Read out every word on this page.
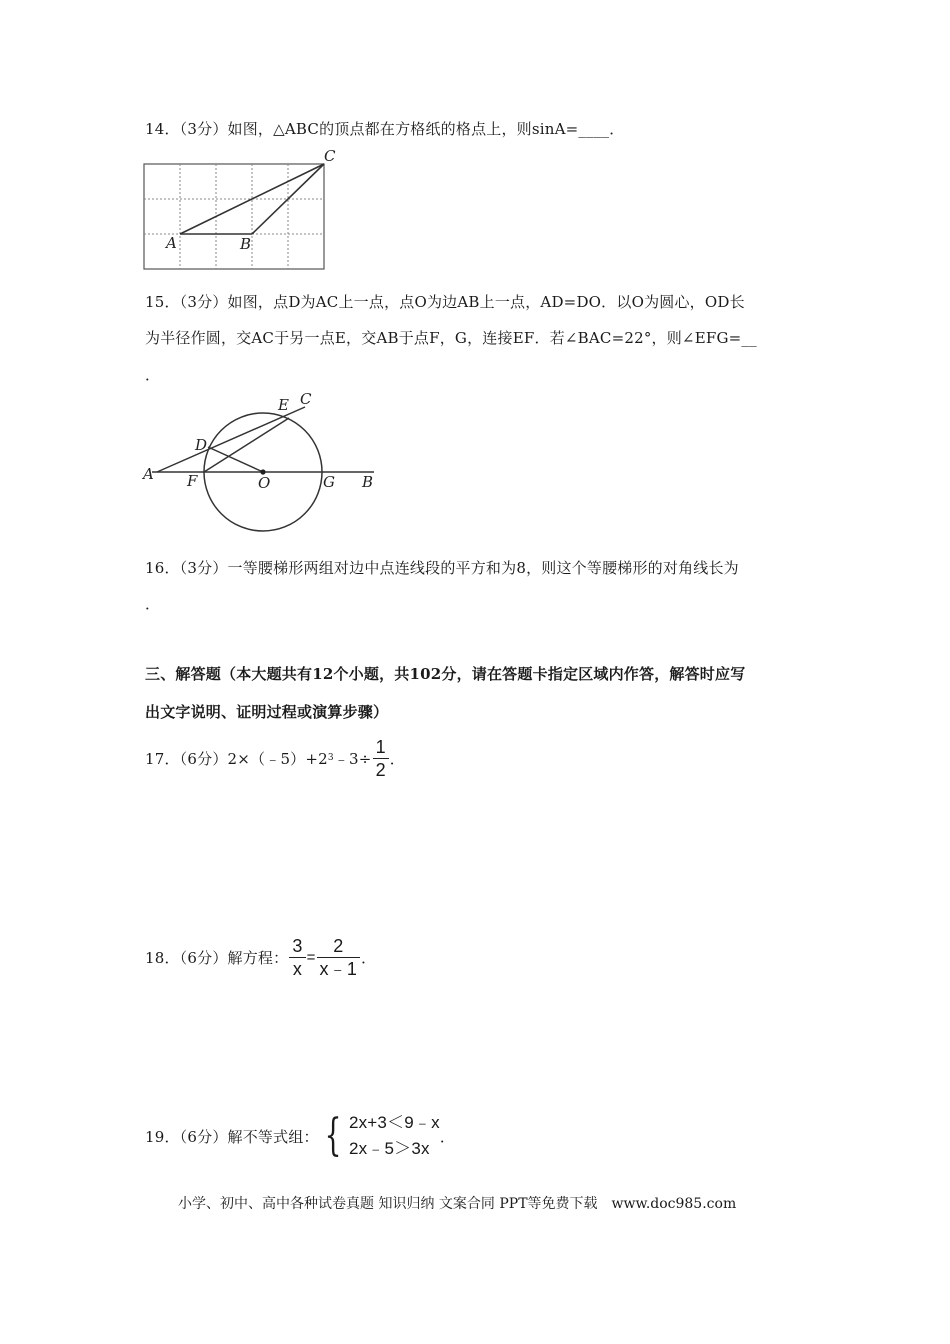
14．（3分）如图，△ABC的顶点都在方格纸的格点上，则sinA=____．
A	B
C
15．（3分）如图，点D为AC上一点，点O为边AB上一点，AD=DO．以O为圆心，OD长
为半径作圆，交AC于另一点E，交AB于点F，G，连接EF．若∠BAC=22°，则∠EFG=__
．
A F	O	G B
D
E C
16．（3分）一等腰梯形两组对边中点连线段的平方和为8，则这个等腰梯形的对角线长为
．
三、解答题（本大题共有12个小题，共102分，请在答题卡指定区域内作答，解答时应写
出文字说明、证明过程或演算步骤）
17．（6分）2×（﹣5）+2 3 ﹣3÷ $\frac{1}{2}$ ．
18．（6分）解方程： $\frac{3}{x} = \frac{2}{x﹣1}$ ．
19．（6分）解不等式组： { 2x+3＜9﹣x
2x﹣5＞3x
．
小学、初中、高中各种试卷真题 知识归纳 文案合同 PPT等免费下载　www.doc985.com
